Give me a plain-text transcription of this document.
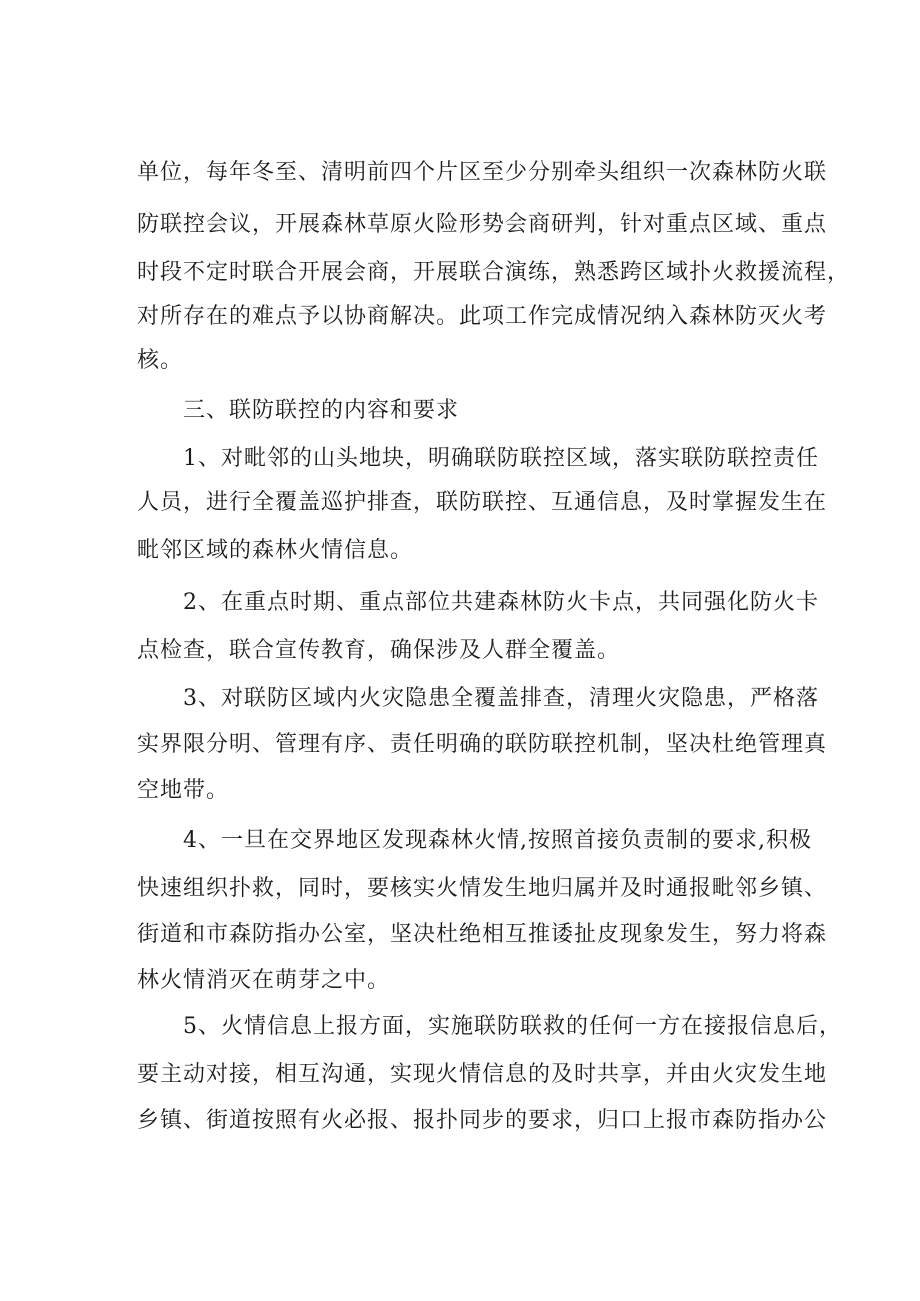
单位，每年冬至、清明前四个片区至少分别牵头组织一次森林防火联
防联控会议，开展森林草原火险形势会商研判，针对重点区域、重点
时段不定时联合开展会商，开展联合演练，熟悉跨区域扑火救援流程，
对所存在的难点予以协商解决。此项工作完成情况纳入森林防灭火考
核。
三、联防联控的内容和要求
1、对毗邻的山头地块，明确联防联控区域，落实联防联控责任
人员，进行全覆盖巡护排查，联防联控、互通信息，及时掌握发生在
毗邻区域的森林火情信息。
2、在重点时期、重点部位共建森林防火卡点，共同强化防火卡
点检查，联合宣传教育，确保涉及人群全覆盖。
3、对联防区域内火灾隐患全覆盖排查，清理火灾隐患，严格落
实界限分明、管理有序、责任明确的联防联控机制，坚决杜绝管理真
空地带。
4、一旦在交界地区发现森林火情,按照首接负责制的要求,积极
快速组织扑救，同时，要核实火情发生地归属并及时通报毗邻乡镇、
街道和市森防指办公室，坚决杜绝相互推诿扯皮现象发生，努力将森
林火情消灭在萌芽之中。
5、火情信息上报方面，实施联防联救的任何一方在接报信息后，
要主动对接，相互沟通，实现火情信息的及时共享，并由火灾发生地
乡镇、街道按照有火必报、报扑同步的要求，归口上报市森防指办公
